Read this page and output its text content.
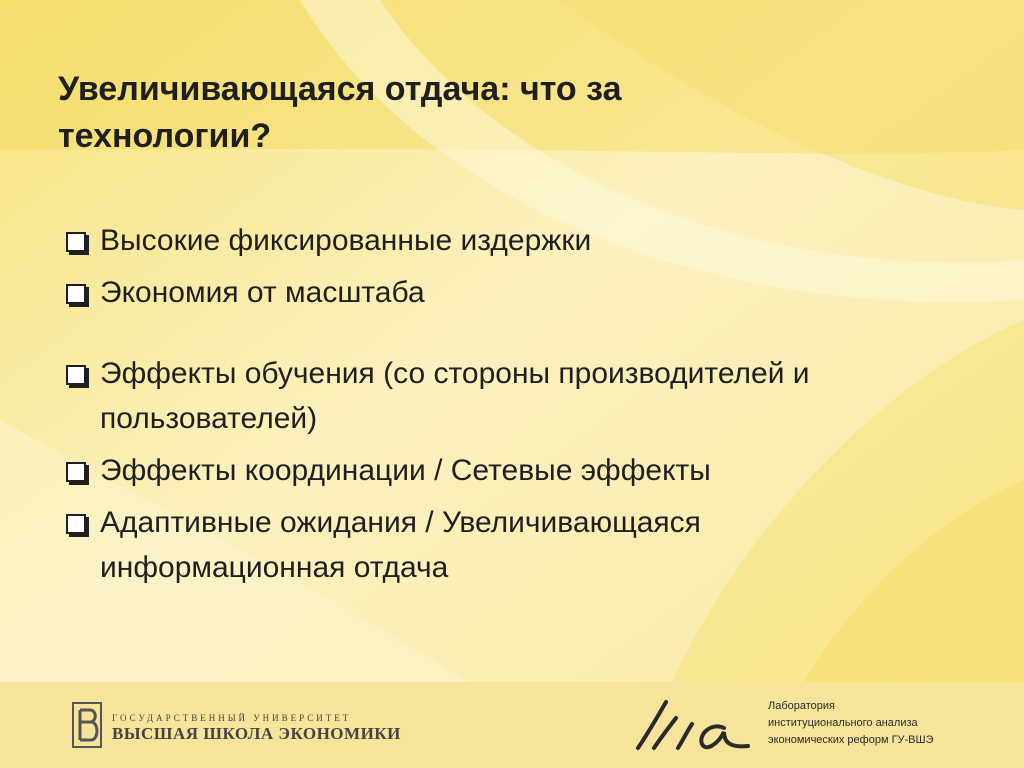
Увеличивающаяся отдача: что за
технологии?
Высокие фиксированные издержки
Экономия от масштаба
Эффекты обучения (со стороны производителей и
пользователей)
Эффекты координации / Сетевые эффекты
Адаптивные ожидания / Увеличивающаяся
информационная отдача
ГОСУДАРСТВЕННЫЙ УНИВЕРСИТЕТ
ВЫСШАЯ ШКОЛА ЭКОНОМИКИ
Лаборатория
институционального анализа
экономических реформ ГУ-ВШЭ
